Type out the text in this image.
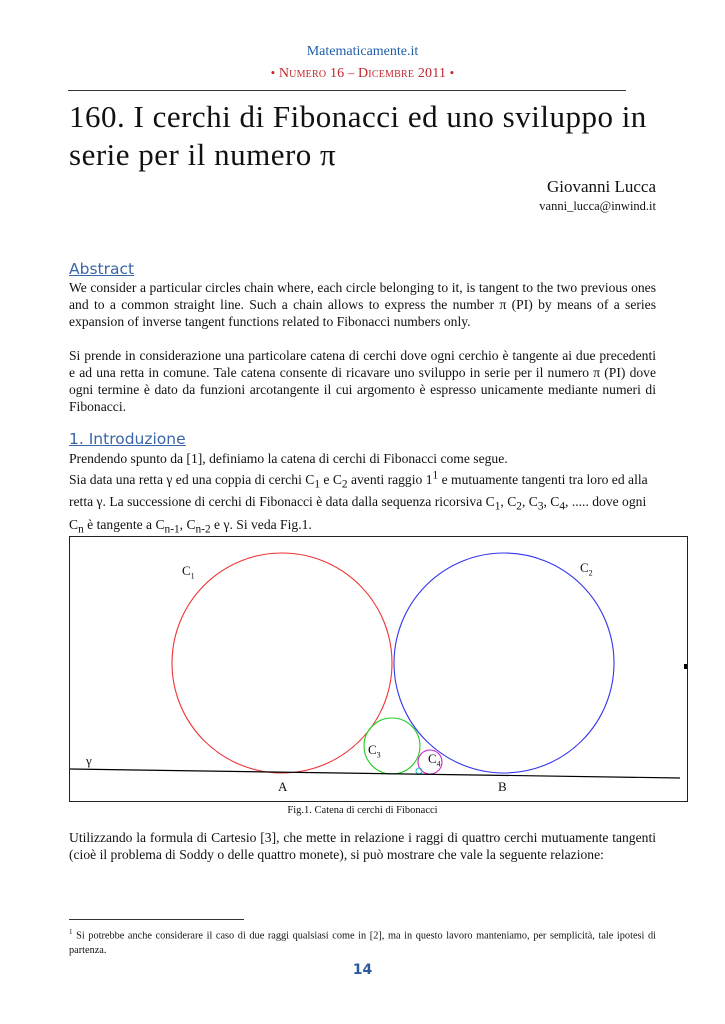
Matematicamente.it
• Numero 16 – Dicembre 2011 •
160. I cerchi di Fibonacci ed uno sviluppo in serie per il numero π
Giovanni Lucca
vanni_lucca@inwind.it
Abstract
We consider a particular circles chain where, each circle belonging to it, is tangent to the two previous ones and to a common straight line. Such a chain allows to express the number π (PI) by means of a series expansion of inverse tangent functions related to Fibonacci numbers only.
Si prende in considerazione una particolare catena di cerchi dove ogni cerchio è tangente ai due precedenti e ad una retta in comune. Tale catena consente di ricavare uno sviluppo in serie per il numero π (PI) dove ogni termine è dato da funzioni arcotangente il cui argomento è espresso unicamente mediante numeri di Fibonacci.
1. Introduzione
Prendendo spunto da [1], definiamo la catena di cerchi di Fibonacci come segue.
Sia data una retta γ ed una coppia di cerchi $C_1$ e $C_2$ aventi raggio $1^1$ e mutuamente tangenti tra loro ed alla retta γ. La successione di cerchi di Fibonacci è data dalla sequenza ricorsiva $C_1$, $C_2$, $C_3$, $C_4$, ..... dove ogni $C_n$ è tangente a $C_{n-1}$, $C_{n-2}$ e γ. Si veda Fig.1.
$C_1$
$C_2$
$C_3$	$C_4$
γ
A	B
Fig.1. Catena di cerchi di Fibonacci
Utilizzando la formula di Cartesio [3], che mette in relazione i raggi di quattro cerchi mutuamente tangenti (cioè il problema di Soddy o delle quattro monete), si può mostrare che vale la seguente relazione:
$^1$ Si potrebbe anche considerare il caso di due raggi qualsiasi come in [2], ma in questo lavoro manteniamo, per semplicità, tale ipotesi di partenza.
14
